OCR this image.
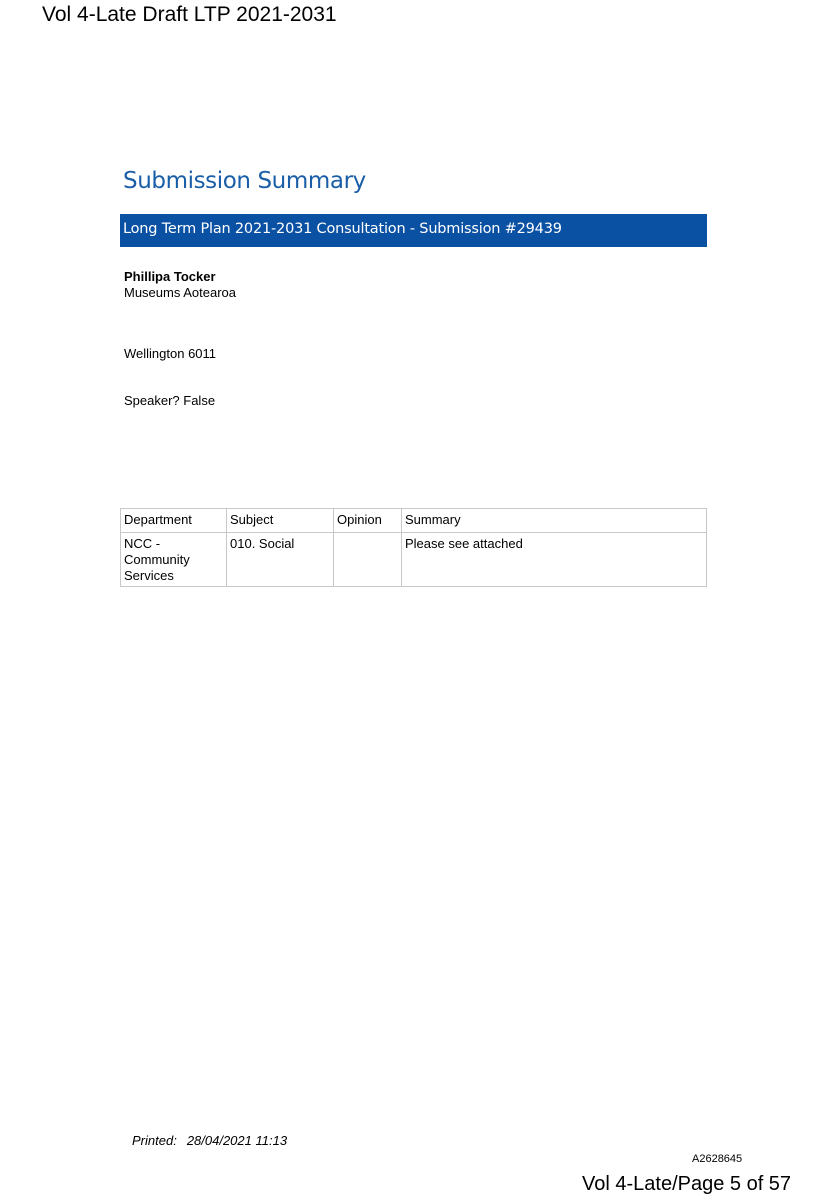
Vol 4-Late Draft LTP 2021-2031
Submission Summary
Long Term Plan 2021-2031 Consultation - Submission #29439
Phillipa Tocker
Museums Aotearoa
Wellington 6011
Speaker? False
Department	Subject	Opinion	Summary
NCC - Community Services	010. Social		Please see attached
Printed: 28/04/2021 11:13
A2628645
Vol 4-Late/Page 5 of 57
